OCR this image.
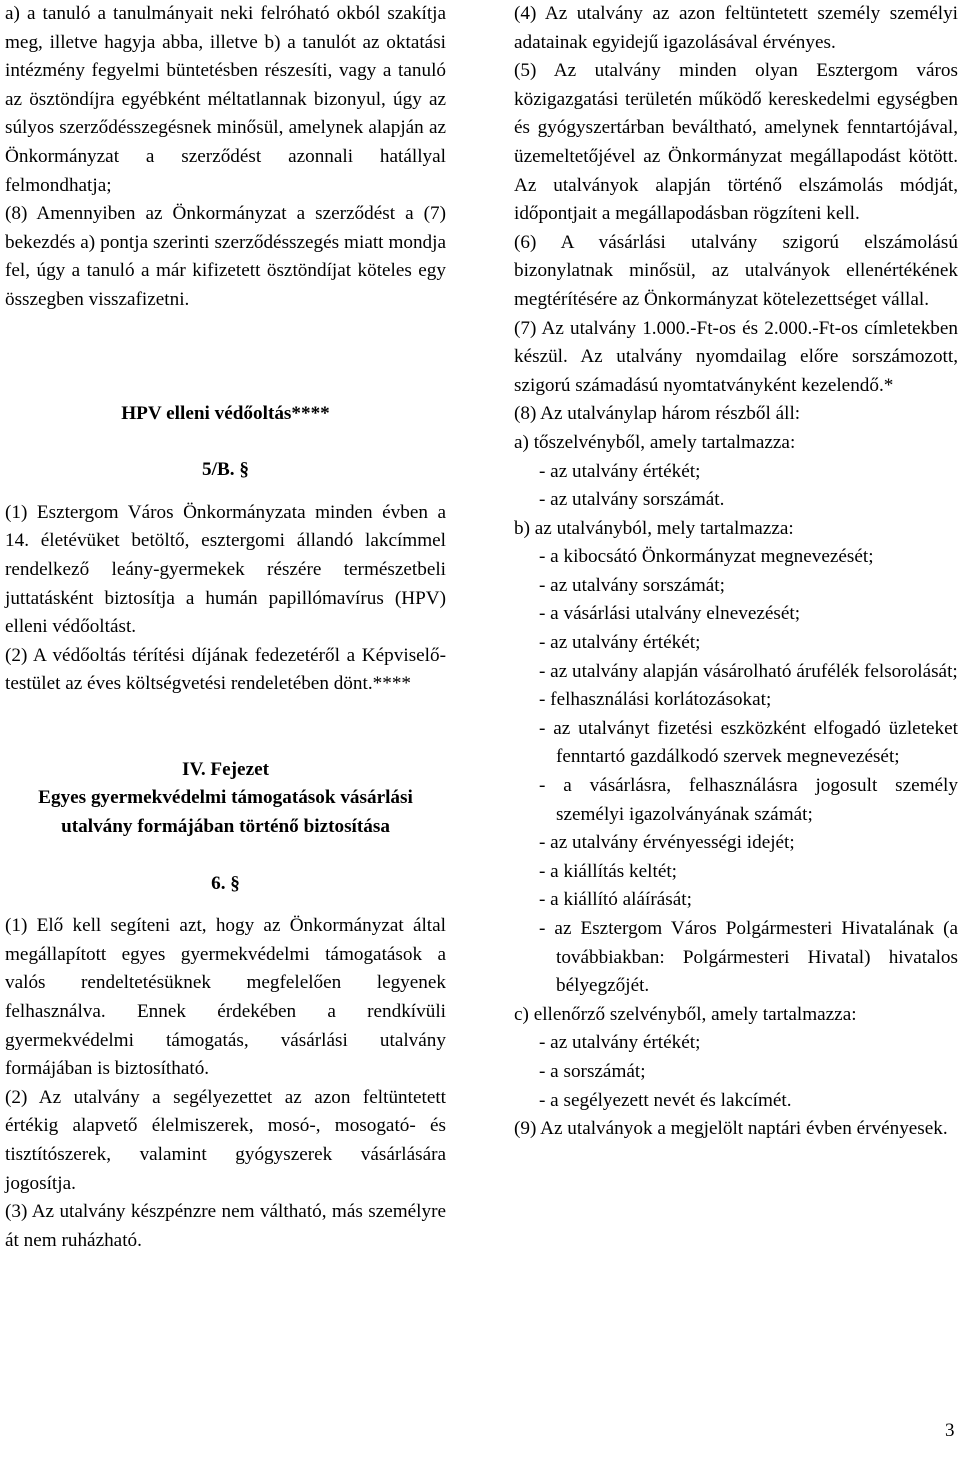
a) a tanuló a tanulmányait neki felróható okból szakítja meg, illetve hagyja abba, illetve b) a tanulót az oktatási intézmény fegyelmi büntetésben részesíti, vagy a tanuló az ösztöndíjra egyébként méltatlannak bizonyul, úgy az súlyos szerződésszegésnek minősül, amelynek alapján az Önkormányzat a szerződést azonnali hatállyal felmondhatja;

(8) Amennyiben az Önkormányzat a szerződést a (7) bekezdés a) pontja szerinti szerződésszegés miatt mondja fel, úgy a tanuló a már kifizetett ösztöndíjat köteles egy összegben visszafizetni.

HPV elleni védőoltás****

5/B. §

(1) Esztergom Város Önkormányzata minden évben a 14. életévüket betöltő, esztergomi állandó lakcímmel rendelkező leány-gyermekek részére természetbeli juttatásként biztosítja a humán papillómavírus (HPV) elleni védőoltást.

(2) A védőoltás térítési díjának fedezetéről a Képviselő-testület az éves költségvetési rendeletében dönt.****

IV. Fejezet

Egyes gyermekvédelmi támogatások vásárlási utalvány formájában történő biztosítása

6. §

(1) Elő kell segíteni azt, hogy az Önkormányzat által megállapított egyes gyermekvédelmi támogatások a valós rendeltetésüknek megfelelően legyenek felhasználva. Ennek érdekében a rendkívüli gyermekvédelmi támogatás, vásárlási utalvány formájában is biztosítható.

(2) Az utalvány a segélyezettet az azon feltüntetett értékig alapvető élelmiszerek, mosó-, mosogató- és tisztítószerek, valamint gyógyszerek vásárlására jogosítja.

(3) Az utalvány készpénzre nem váltható, más személyre át nem ruházható.

(4) Az utalvány az azon feltüntetett személy személyi adatainak egyidejű igazolásával érvényes.

(5) Az utalvány minden olyan Esztergom város közigazgatási területén működő kereskedelmi egységben és gyógyszertárban beváltható, amelynek fenntartójával, üzemeltetőjével az Önkormányzat megállapodást kötött. Az utalványok alapján történő elszámolás módját, időpontjait a megállapodásban rögzíteni kell.

(6) A vásárlási utalvány szigorú elszámolású bizonylatnak minősül, az utalványok ellenértékének megtérítésére az Önkormányzat kötelezettséget vállal.

(7) Az utalvány 1.000.-Ft-os és 2.000.-Ft-os címletekben készül. Az utalvány nyomdailag előre sorszámozott, szigorú számadású nyomtatványként kezelendő.*

(8) Az utalványlap három részből áll:

a) tőszelvényből, amely tartalmazza:

- az utalvány értékét;

- az utalvány sorszámát.

b) az utalványból, mely tartalmazza:

- a kibocsátó Önkormányzat megnevezését;

- az utalvány sorszámát;

- a vásárlási utalvány elnevezését;

- az utalvány értékét;

- az utalvány alapján vásárolható árufélék felsorolását;

- felhasználási korlátozásokat;

- az utalványt fizetési eszközként elfogadó üzleteket fenntartó gazdálkodó szervek megnevezését;

- a vásárlásra, felhasználásra jogosult személy személyi igazolványának számát;

- az utalvány érvényességi idejét;

- a kiállítás keltét;

- a kiállító aláírását;

- az Esztergom Város Polgármesteri Hivatalának (a továbbiakban: Polgármesteri Hivatal) hivatalos bélyegzőjét.

c) ellenőrző szelvényből, amely tartalmazza:

- az utalvány értékét;

- a sorszámát;

- a segélyezett nevét és lakcímét.

(9) Az utalványok a megjelölt naptári évben érvényesek.

3
